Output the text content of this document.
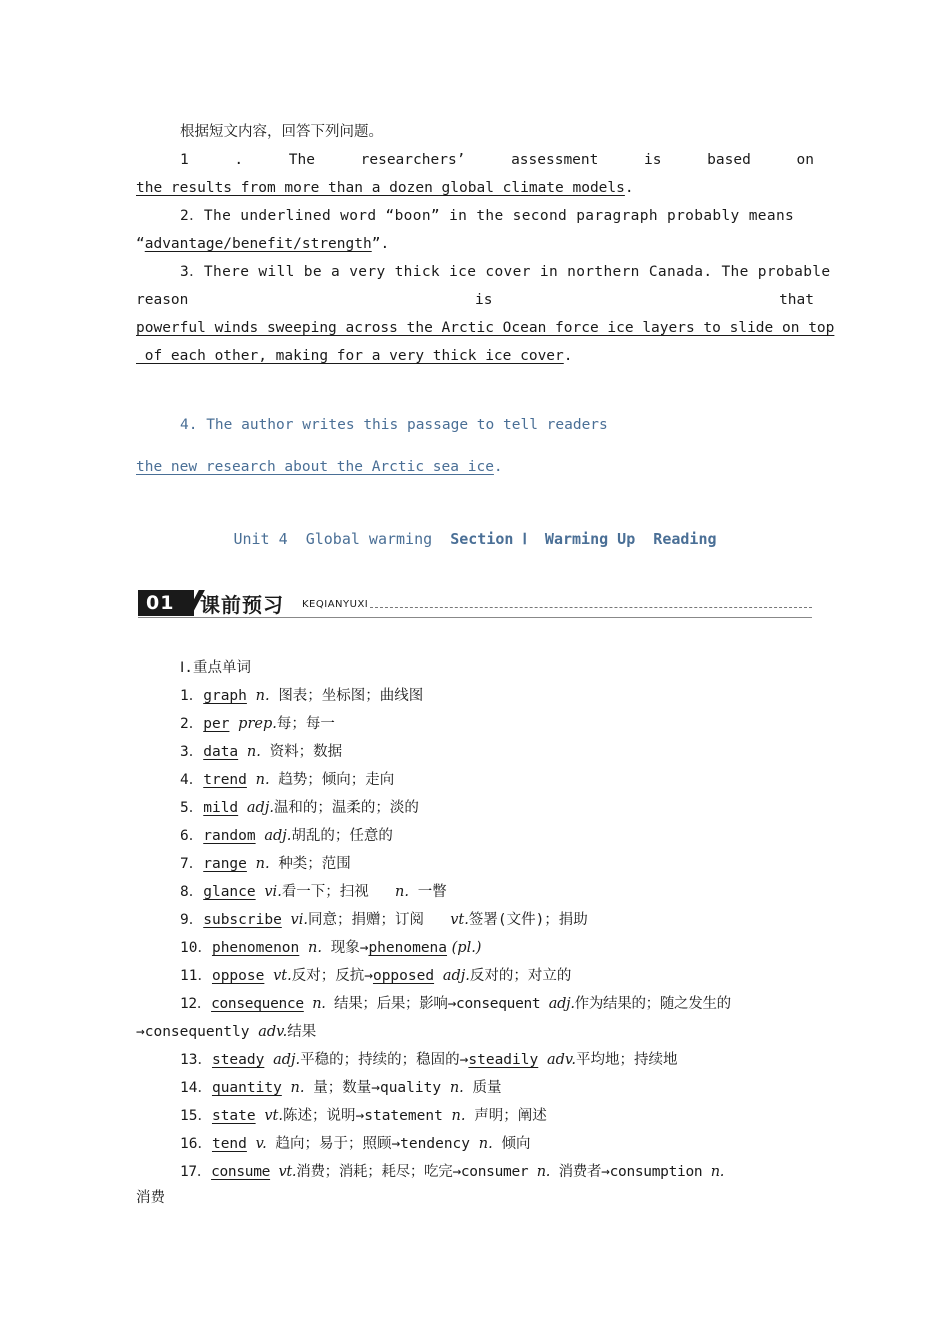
根据短文内容，回答下列问题。
1	.	The	researchers’	assessment	is	based	on
the results from more than a dozen global climate models.
2．The underlined word “boon” in the second paragraph probably means
“advantage/benefit/strength”.
3．There will be a very thick ice cover in northern Canada. The probable
reason	is	that
powerful winds sweeping across the Arctic Ocean force ice layers to slide on top
of each other, making for a very thick ice cover.
4. The author writes this passage to tell readers
the new research about the Arctic sea ice.
Unit 4  Global warming Section Ⅰ  Warming Up  Reading
01	课前预习 KEQIANYUXI
Ⅰ.重点单词
1．graph n. 图表；坐标图；曲线图
2．per prep.每；每一
3．data n. 资料；数据
4．trend n. 趋势；倾向；走向
5．mild adj.温和的；温柔的；淡的
6．random adj.胡乱的；任意的
7．range n. 种类；范围
8．glance vi.看一下；扫视 n. 一瞥
9．subscribe vi.同意；捐赠；订阅 vt.签署(文件)；捐助
10．phenomenon n. 现象→phenomena (pl.)
11．oppose vt.反对；反抗→opposed adj.反对的；对立的
12．consequence n. 结果；后果；影响→consequent adj.作为结果的；随之发生的
→consequently adv.结果
13．steady adj.平稳的；持续的；稳固的→steadily adv.平均地；持续地
14．quantity n. 量；数量→quality n. 质量
15．state vt.陈述；说明→statement n. 声明；阐述
16．tend v. 趋向；易于；照顾→tendency n. 倾向
17．consume vt.消费；消耗；耗尽；吃完→consumer n. 消费者→consumption n.
消费
